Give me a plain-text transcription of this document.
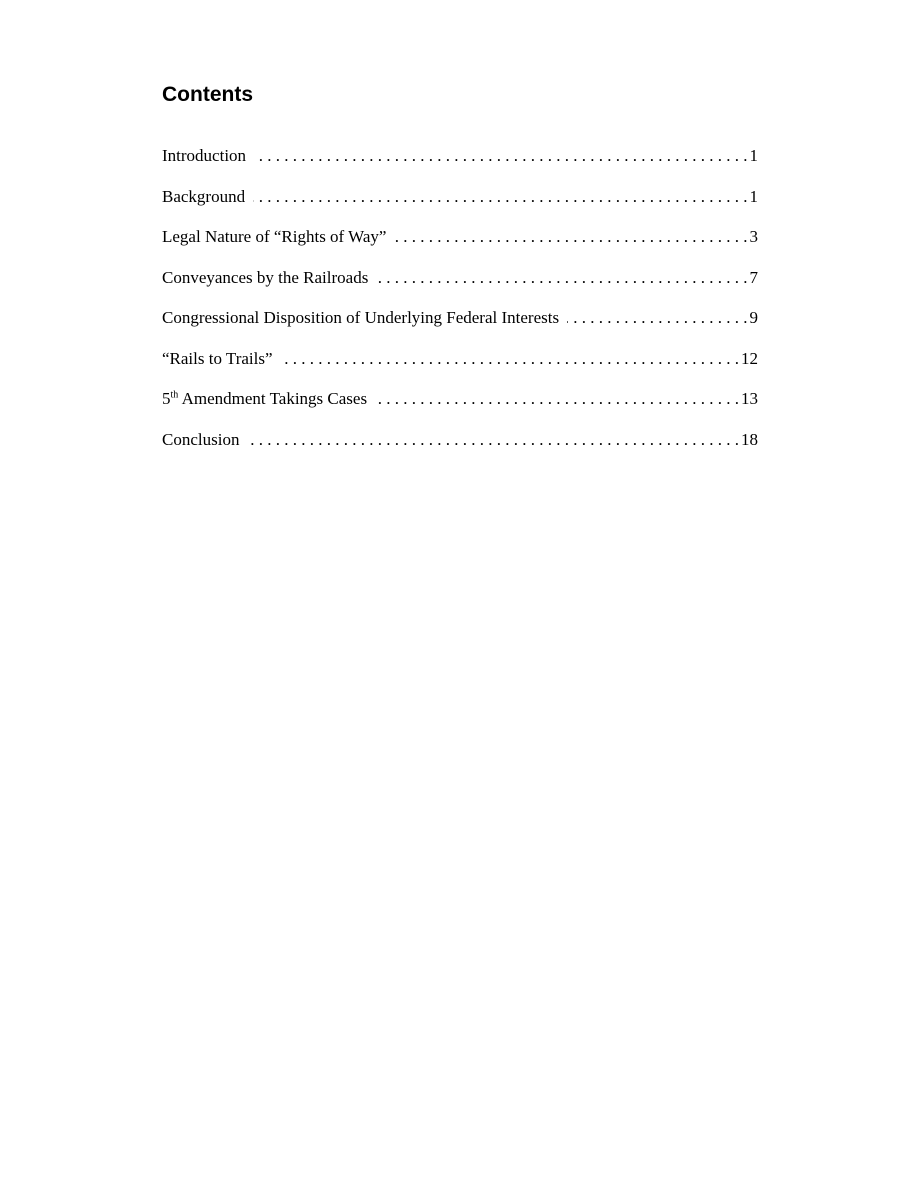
Contents
Introduction . . .	1
Background . . .	1
Legal Nature of “Rights of Way” . . .	3
Conveyances by the Railroads . . .	7
Congressional Disposition of Underlying Federal Interests . . .	9
“Rails to Trails” . . .	12
5th Amendment Takings Cases . . .	13
Conclusion . . .	18
